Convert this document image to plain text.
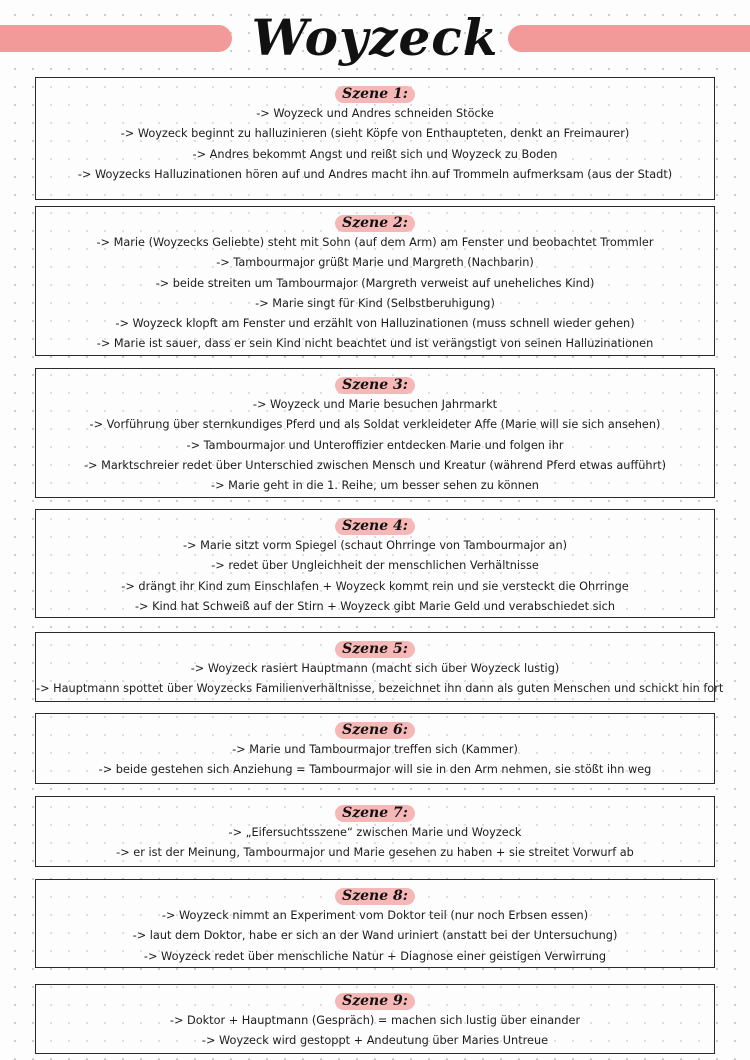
Woyzeck
Szene 1:
-> Woyzeck und Andres schneiden Stöcke
-> Woyzeck beginnt zu halluzinieren (sieht Köpfe von Enthaupteten, denkt an Freimaurer)
-> Andres bekommt Angst und reißt sich und Woyzeck zu Boden
-> Woyzecks Halluzinationen hören auf und Andres macht ihn auf Trommeln aufmerksam (aus der Stadt)
Szene 2:
-> Marie (Woyzecks Geliebte) steht mit Sohn (auf dem Arm) am Fenster und beobachtet Trommler
-> Tambourmajor grüßt Marie und Margreth (Nachbarin)
-> beide streiten um Tambourmajor (Margreth verweist auf uneheliches Kind)
-> Marie singt für Kind (Selbstberuhigung)
-> Woyzeck klopft am Fenster und erzählt von Halluzinationen (muss schnell wieder gehen)
-> Marie ist sauer, dass er sein Kind nicht beachtet und ist verängstigt von seinen Halluzinationen
Szene 3:
-> Woyzeck und Marie besuchen Jahrmarkt
-> Vorführung über sternkundiges Pferd und als Soldat verkleideter Affe (Marie will sie sich ansehen)
-> Tambourmajor und Unteroffizier entdecken Marie und folgen ihr
-> Marktschreier redet über Unterschied zwischen Mensch und Kreatur (während Pferd etwas aufführt)
-> Marie geht in die 1. Reihe, um besser sehen zu können
Szene 4:
-> Marie sitzt vorm Spiegel (schaut Ohrringe von Tambourmajor an)
-> redet über Ungleichheit der menschlichen Verhältnisse
-> drängt ihr Kind zum Einschlafen + Woyzeck kommt rein und sie versteckt die Ohrringe
-> Kind hat Schweiß auf der Stirn + Woyzeck gibt Marie Geld und verabschiedet sich
Szene 5:
-> Woyzeck rasiert Hauptmann (macht sich über Woyzeck lustig)
-> Hauptmann spottet über Woyzecks Familienverhältnisse, bezeichnet ihn dann als guten Menschen und schickt hin fort
Szene 6:
-> Marie und Tambourmajor treffen sich (Kammer)
-> beide gestehen sich Anziehung = Tambourmajor will sie in den Arm nehmen, sie stößt ihn weg
Szene 7:
-> „Eifersuchtsszene“ zwischen Marie und Woyzeck
-> er ist der Meinung, Tambourmajor und Marie gesehen zu haben + sie streitet Vorwurf ab
Szene 8:
-> Woyzeck nimmt an Experiment vom Doktor teil (nur noch Erbsen essen)
-> laut dem Doktor, habe er sich an der Wand uriniert (anstatt bei der Untersuchung)
-> Woyzeck redet über menschliche Natur + Diagnose einer geistigen Verwirrung
Szene 9:
-> Doktor + Hauptmann (Gespräch) = machen sich lustig über einander
-> Woyzeck wird gestoppt + Andeutung über Maries Untreue
